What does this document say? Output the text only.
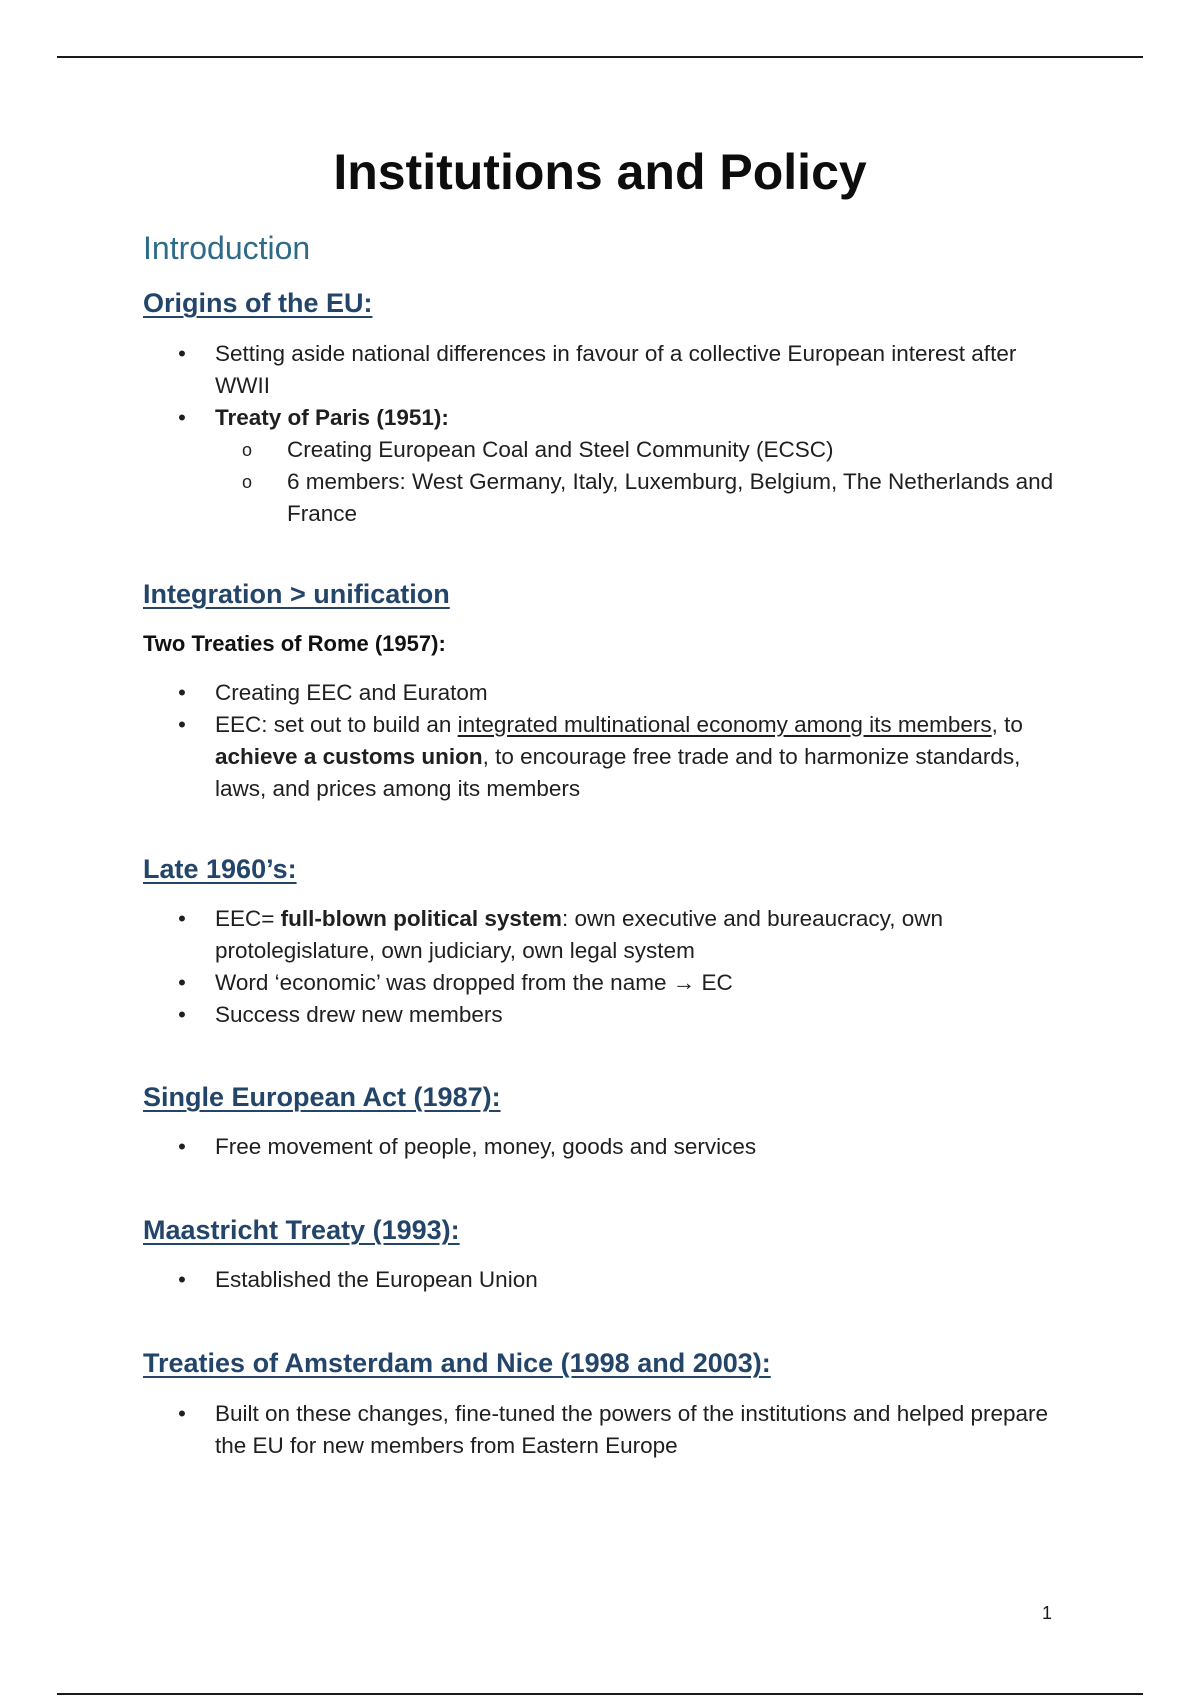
Institutions and Policy
Introduction
Origins of the EU:
• Setting aside national differences in favour of a collective European interest after WWII
• Treaty of Paris (1951):
o Creating European Coal and Steel Community (ECSC)
o 6 members: West Germany, Italy, Luxemburg, Belgium, The Netherlands and France
Integration > unification

Two Treaties of Rome (1957):

• Creating EEC and Euratom
• EEC: set out to build an integrated multinational economy among its members, to achieve a customs union, to encourage free trade and to harmonize standards, laws, and prices among its members
Late 1960’s:
• EEC= full-blown political system: own executive and bureaucracy, own protolegislature, own judiciary, own legal system
• Word ‘economic’ was dropped from the name → EC
• Success drew new members
Single European Act (1987):
• Free movement of people, money, goods and services
Maastricht Treaty (1993):
• Established the European Union
Treaties of Amsterdam and Nice (1998 and 2003):
• Built on these changes, fine-tuned the powers of the institutions and helped prepare the EU for new members from Eastern Europe
1
